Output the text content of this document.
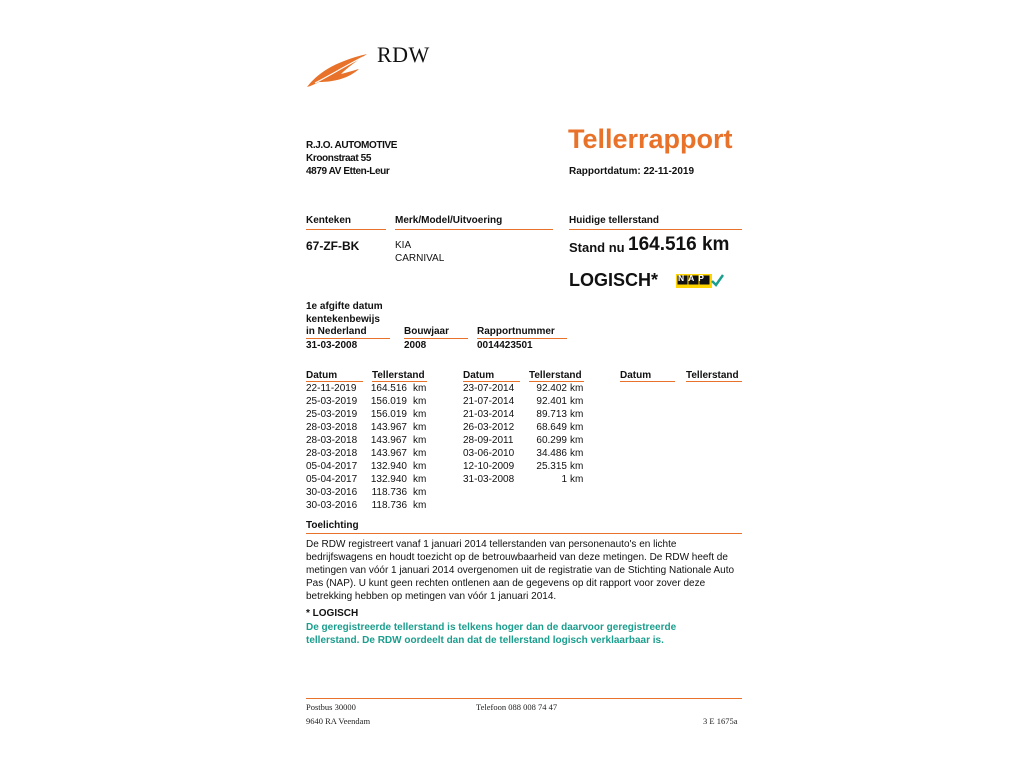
RDW
R.J.O. AUTOMOTIVE
Kroonstraat 55
4879 AV Etten-Leur
Tellerrapport
Rapportdatum: 22-11-2019
Kenteken	Merk/Model/Uitvoering	Huidige tellerstand
67-ZF-BK	KIA
CARNIVAL
Stand nu 164.516 km
LOGISCH* NAP
1e afgifte datum
kentekenbewijs
in Nederland	Bouwjaar	Rapportnummer
31-03-2008	2008	0014423501
Datum	Tellerstand	Datum	Tellerstand	Datum	Tellerstand
22-11-2019	164.516 km
25-03-2019	156.019 km
25-03-2019	156.019 km
28-03-2018	143.967 km
28-03-2018	143.967 km
28-03-2018	143.967 km
05-04-2017	132.940 km
05-04-2017	132.940 km
30-03-2016	118.736 km
30-03-2016	118.736 km
23-07-2014	92.402 km
21-07-2014	92.401 km
21-03-2014	89.713 km
26-03-2012	68.649 km
28-09-2011	60.299 km
03-06-2010	34.486 km
12-10-2009	25.315 km
31-03-2008	1 km
Toelichting
De RDW registreert vanaf 1 januari 2014 tellerstanden van personenauto's en lichte
bedrijfswagens en houdt toezicht op de betrouwbaarheid van deze metingen. De RDW heeft de
metingen van vóór 1 januari 2014 overgenomen uit de registratie van de Stichting Nationale Auto
Pas (NAP). U kunt geen rechten ontlenen aan de gegevens op dit rapport voor zover deze
betrekking hebben op metingen van vóór 1 januari 2014.
* LOGISCH
De geregistreerde tellerstand is telkens hoger dan de daarvoor geregistreerde
tellerstand. De RDW oordeelt dan dat de tellerstand logisch verklaarbaar is.
Postbus 30000
9640 RA Veendam
Telefoon 088 008 74 47
3 E 1675a
